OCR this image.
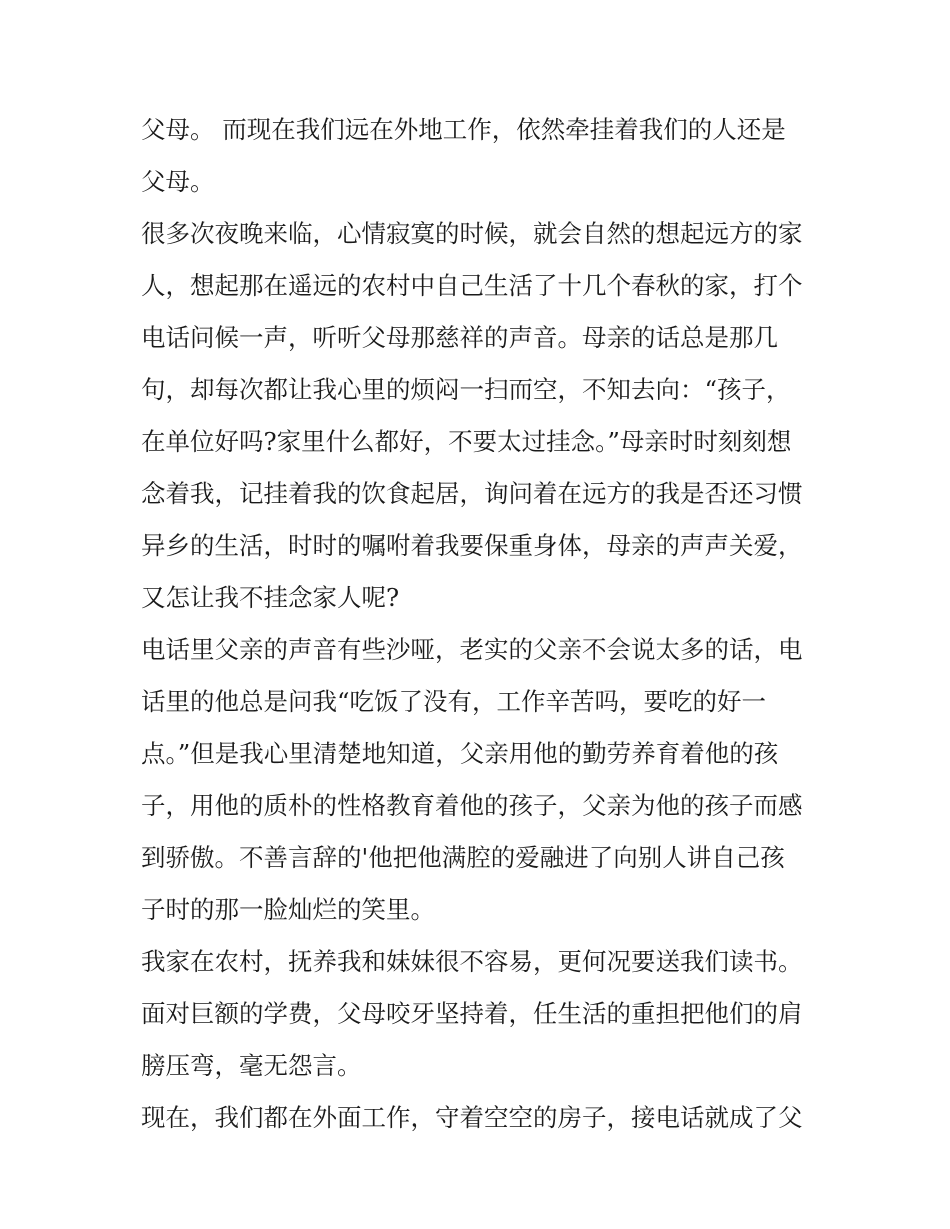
父母。 而现在我们远在外地工作，依然牵挂着我们的人还是
父母。
很多次夜晚来临，心情寂寞的时候，就会自然的想起远方的家
人，想起那在遥远的农村中自己生活了十几个春秋的家，打个
电话问候一声，听听父母那慈祥的声音。母亲的话总是那几
句，却每次都让我心里的烦闷一扫而空，不知去向：“孩子，
在单位好吗?家里什么都好，不要太过挂念。”母亲时时刻刻想
念着我，记挂着我的饮食起居，询问着在远方的我是否还习惯
异乡的生活，时时的嘱咐着我要保重身体，母亲的声声关爱，
又怎让我不挂念家人呢?
电话里父亲的声音有些沙哑，老实的父亲不会说太多的话，电
话里的他总是问我“吃饭了没有，工作辛苦吗，要吃的好一
点。”但是我心里清楚地知道，父亲用他的勤劳养育着他的孩
子，用他的质朴的性格教育着他的孩子，父亲为他的孩子而感
到骄傲。不善言辞的'他把他满腔的爱融进了向别人讲自己孩
子时的那一脸灿烂的笑里。
我家在农村，抚养我和妹妹很不容易，更何况要送我们读书。
面对巨额的学费，父母咬牙坚持着，任生活的重担把他们的肩
膀压弯，毫无怨言。
现在，我们都在外面工作，守着空空的房子，接电话就成了父
